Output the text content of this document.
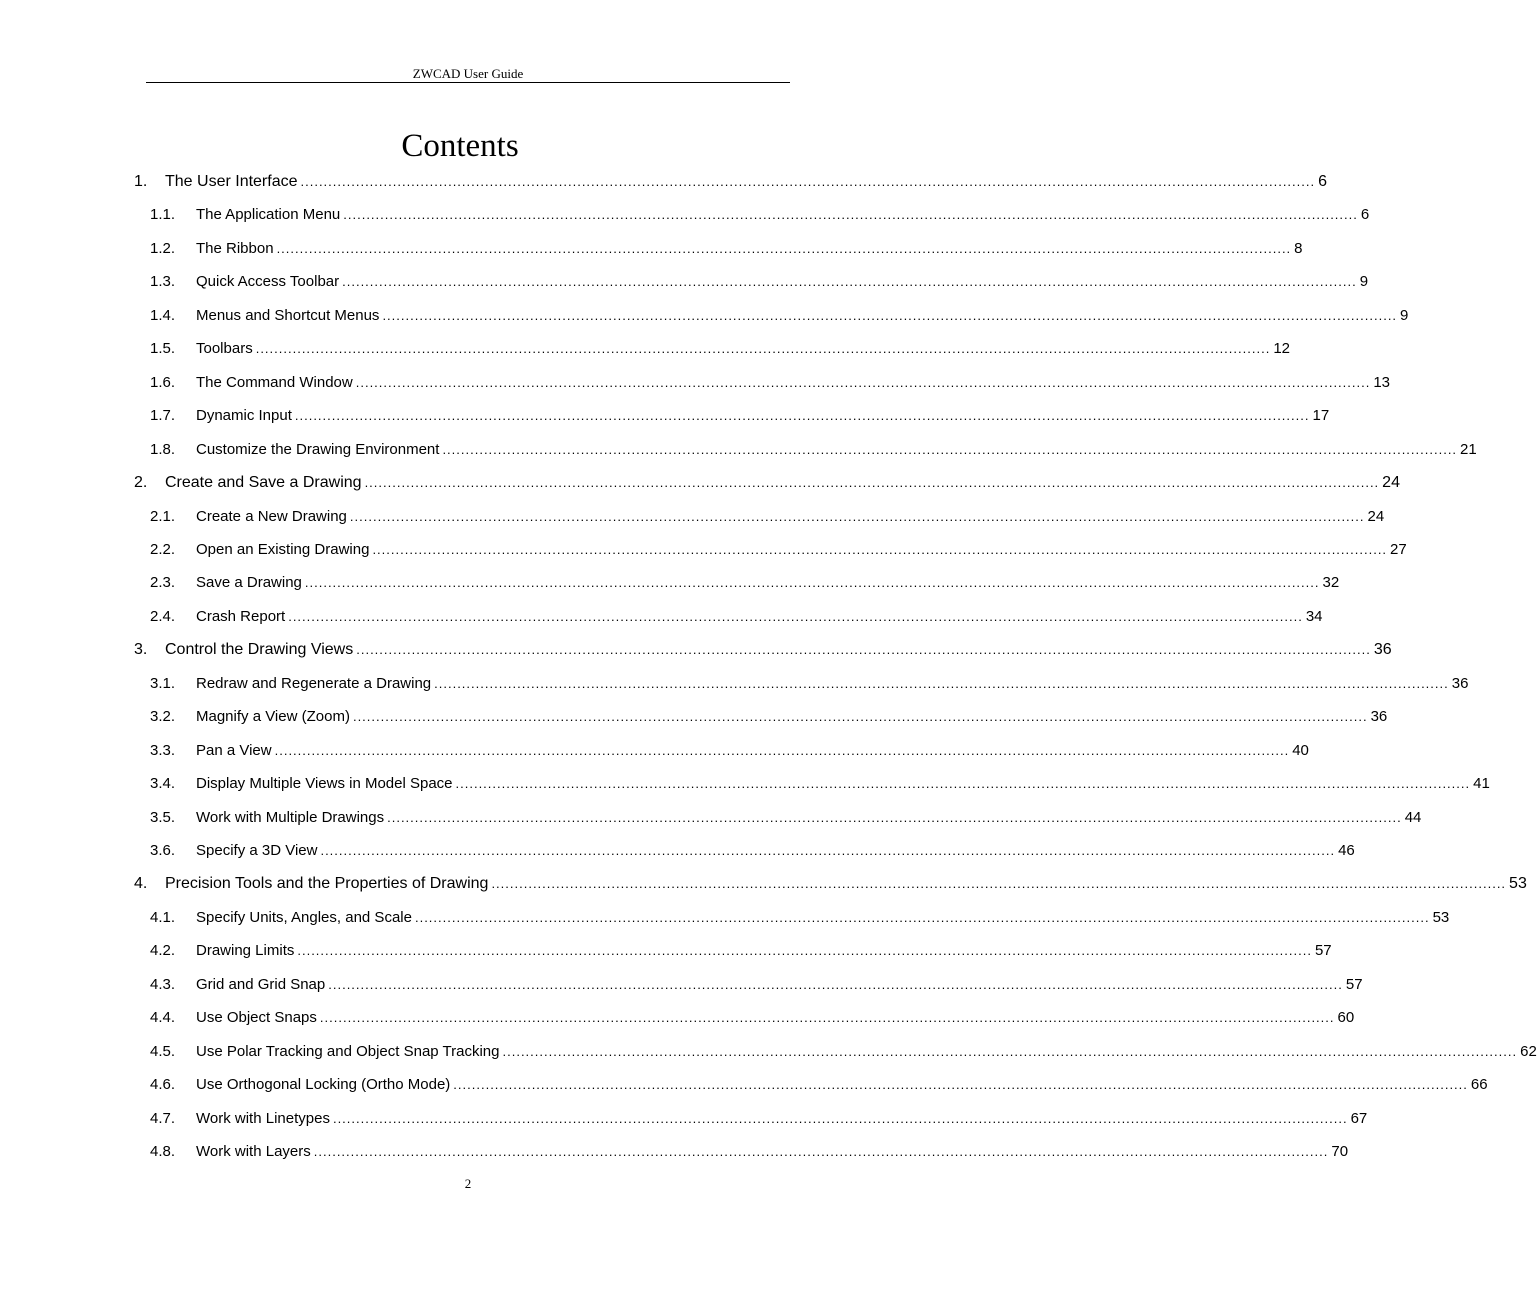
ZWCAD User Guide
Contents
1. The User Interface ............................................................................................................................................................................................................................ 6
1.1. The Application Menu ............................................................................................................................................................................................................................ 6
1.2. The Ribbon ............................................................................................................................................................................................................................ 8
1.3. Quick Access Toolbar ............................................................................................................................................................................................................................ 9
1.4. Menus and Shortcut Menus ............................................................................................................................................................................................................................ 9
1.5. Toolbars ............................................................................................................................................................................................................................ 12
1.6. The Command Window ............................................................................................................................................................................................................................ 13
1.7. Dynamic Input ............................................................................................................................................................................................................................ 17
1.8. Customize the Drawing Environment ............................................................................................................................................................................................................................ 21
2. Create and Save a Drawing ............................................................................................................................................................................................................................ 24
2.1. Create a New Drawing ............................................................................................................................................................................................................................ 24
2.2. Open an Existing Drawing ............................................................................................................................................................................................................................ 27
2.3. Save a Drawing ............................................................................................................................................................................................................................ 32
2.4. Crash Report ............................................................................................................................................................................................................................ 34
3. Control the Drawing Views ............................................................................................................................................................................................................................ 36
3.1. Redraw and Regenerate a Drawing ............................................................................................................................................................................................................................ 36
3.2. Magnify a View (Zoom) ............................................................................................................................................................................................................................ 36
3.3. Pan a View ............................................................................................................................................................................................................................ 40
3.4. Display Multiple Views in Model Space ............................................................................................................................................................................................................................ 41
3.5. Work with Multiple Drawings ............................................................................................................................................................................................................................ 44
3.6. Specify a 3D View ............................................................................................................................................................................................................................ 46
4. Precision Tools and the Properties of Drawing ............................................................................................................................................................................................................................ 53
4.1. Specify Units, Angles, and Scale ............................................................................................................................................................................................................................ 53
4.2. Drawing Limits ............................................................................................................................................................................................................................ 57
4.3. Grid and Grid Snap ............................................................................................................................................................................................................................ 57
4.4. Use Object Snaps ............................................................................................................................................................................................................................ 60
4.5. Use Polar Tracking and Object Snap Tracking ............................................................................................................................................................................................................................ 62
4.6. Use Orthogonal Locking (Ortho Mode) ............................................................................................................................................................................................................................ 66
4.7. Work with Linetypes ............................................................................................................................................................................................................................ 67
4.8. Work with Layers ............................................................................................................................................................................................................................ 70
2
